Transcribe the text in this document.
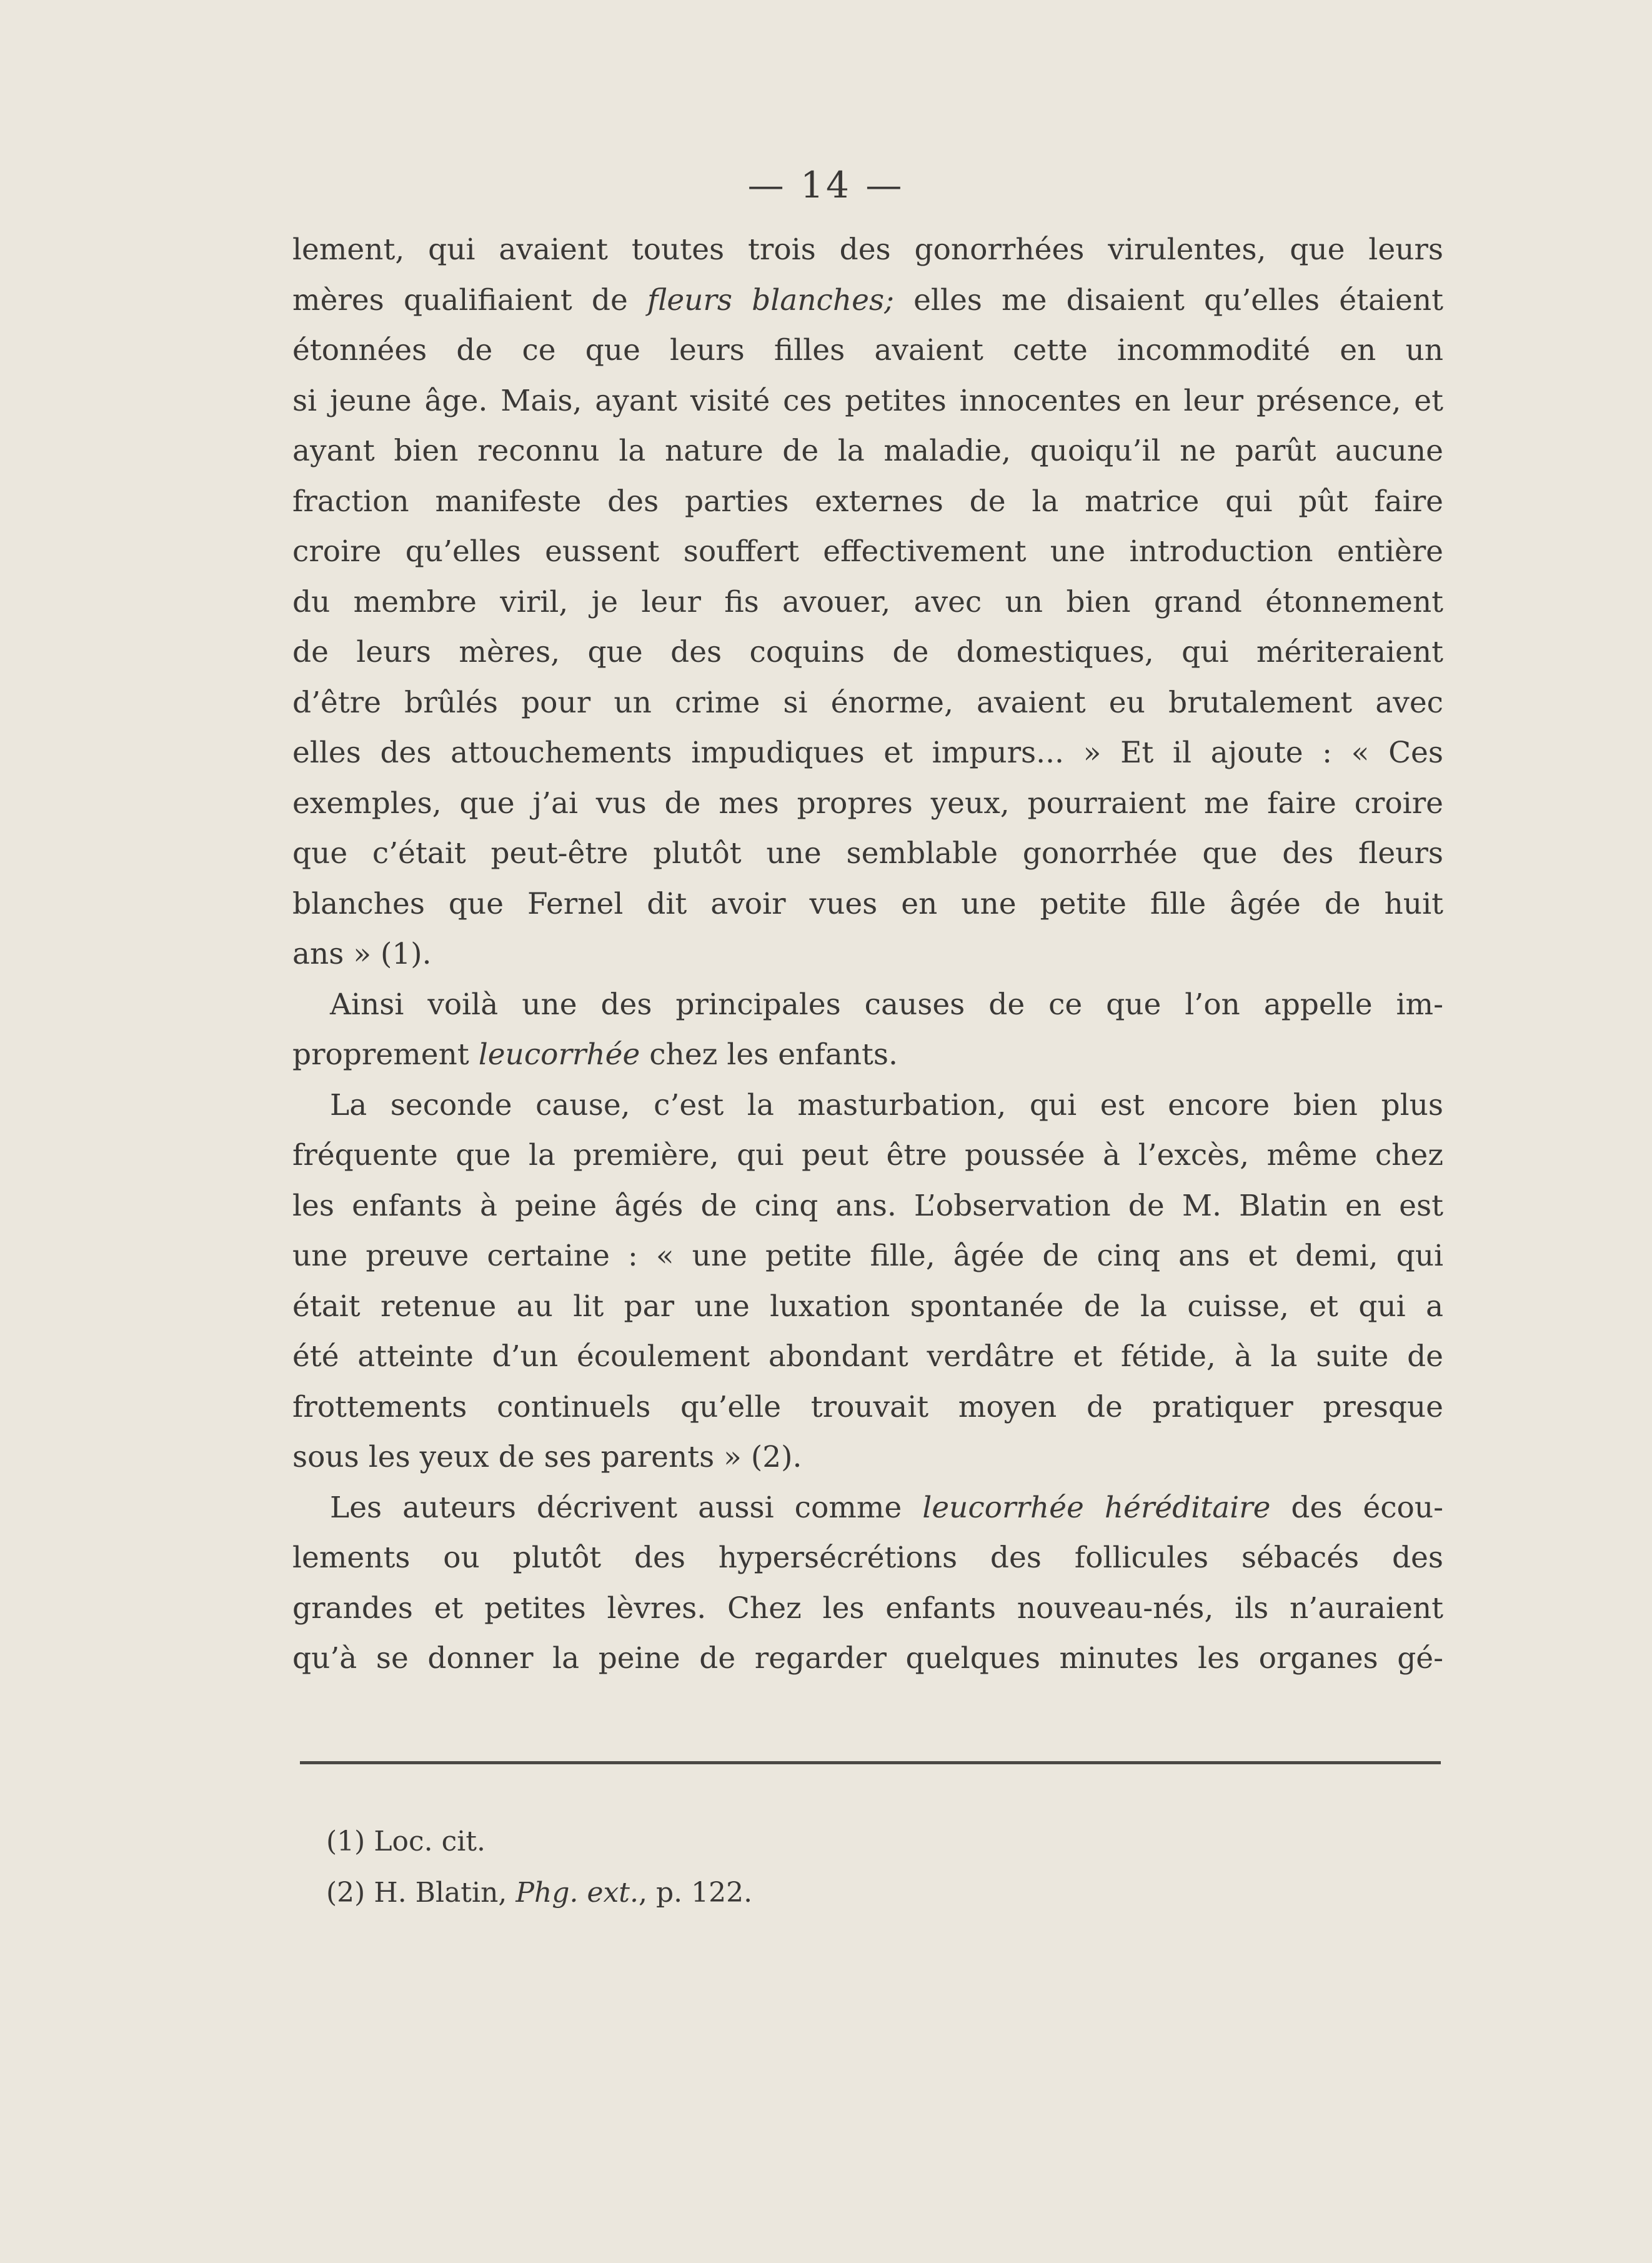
— 14 —

lement, qui avaient toutes trois des gonorrhées virulentes, que leurs

mères qualifiaient de fleurs blanches; elles me disaient qu’elles étaient

étonnées de ce que leurs filles avaient cette incommodité en un

si jeune âge. Mais, ayant visité ces petites innocentes en leur présence, et

ayant bien reconnu la nature de la maladie, quoiqu’il ne parût aucune

fraction manifeste des parties externes de la matrice qui pût faire

croire qu’elles eussent souffert effectivement une introduction entière

du membre viril, je leur fis avouer, avec un bien grand étonnement

de leurs mères, que des coquins de domestiques, qui mériteraient

d’être brûlés pour un crime si énorme, avaient eu brutalement avec

elles des attouchements impudiques et impurs... » Et il ajoute : « Ces

exemples, que j’ai vus de mes propres yeux, pourraient me faire croire

que c’était peut-être plutôt une semblable gonorrhée que des fleurs

blanches que Fernel dit avoir vues en une petite fille âgée de huit

ans » (1).

Ainsi voilà une des principales causes de ce que l’on appelle im-

proprement leucorrhée chez les enfants.

La seconde cause, c’est la masturbation, qui est encore bien plus

fréquente que la première, qui peut être poussée à l’excès, même chez

les enfants à peine âgés de cinq ans. L’observation de M. Blatin en est

une preuve certaine : « une petite fille, âgée de cinq ans et demi, qui

était retenue au lit par une luxation spontanée de la cuisse, et qui a

été atteinte d’un écoulement abondant verdâtre et fétide, à la suite de

frottements continuels qu’elle trouvait moyen de pratiquer presque

sous les yeux de ses parents » (2).

Les auteurs décrivent aussi comme leucorrhée héréditaire des écou-

lements ou plutôt des hypersécrétions des follicules sébacés des

grandes et petites lèvres. Chez les enfants nouveau-nés, ils n’auraient

qu’à se donner la peine de regarder quelques minutes les organes gé-

(1) Loc. cit.

(2) H. Blatin, Phg. ext., p. 122.
